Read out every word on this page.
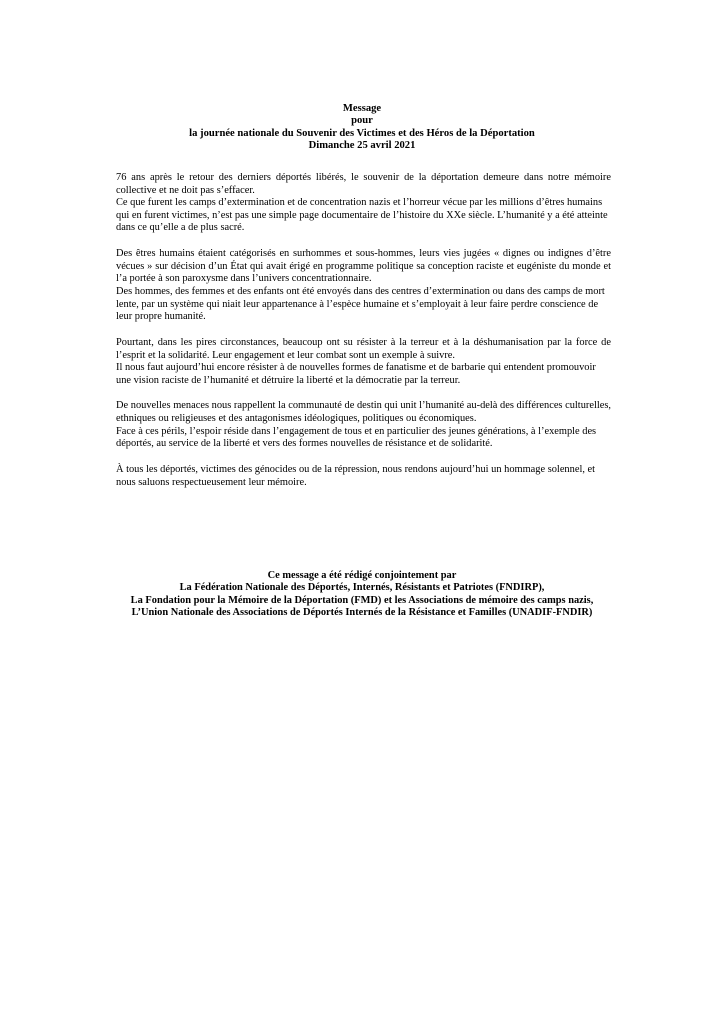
Message
pour
la journée nationale du Souvenir des Victimes et des Héros de la Déportation
Dimanche 25 avril 2021

76 ans après le retour des derniers déportés libérés, le souvenir de la déportation demeure dans notre mémoire collective et ne doit pas s’effacer.

Ce que furent les camps d’extermination et de concentration nazis et l’horreur vécue par les millions d’êtres humains qui en furent victimes, n’est pas une simple page documentaire de l’histoire du XXe siècle. L’humanité y a été atteinte dans ce qu’elle a de plus sacré.

Des êtres humains étaient catégorisés en surhommes et sous-hommes, leurs vies jugées « dignes ou indignes d’être vécues » sur décision d’un État qui avait érigé en programme politique sa conception raciste et eugéniste du monde et l’a portée à son paroxysme dans l’univers concentrationnaire.

Des hommes, des femmes et des enfants ont été envoyés dans des centres d’extermination ou dans des camps de mort lente, par un système qui niait leur appartenance à l’espèce humaine et s’employait à leur faire perdre conscience de leur propre humanité.

Pourtant, dans les pires circonstances, beaucoup ont su résister à la terreur et à la déshumanisation par la force de l’esprit et la solidarité. Leur engagement et leur combat sont un exemple à suivre.

Il nous faut aujourd’hui encore résister à de nouvelles formes de fanatisme et de barbarie qui entendent promouvoir une vision raciste de l’humanité et détruire la liberté et la démocratie par la terreur.

De nouvelles menaces nous rappellent la communauté de destin qui unit l’humanité au-delà des différences culturelles, ethniques ou religieuses et des antagonismes idéologiques, politiques ou économiques.

Face à ces périls, l’espoir réside dans l’engagement de tous et en particulier des jeunes générations, à l’exemple des déportés, au service de la liberté et vers des formes nouvelles de résistance et de solidarité.

À tous les déportés, victimes des génocides ou de la répression, nous rendons aujourd’hui un hommage solennel, et nous saluons respectueusement leur mémoire.

Ce message a été rédigé conjointement par
La Fédération Nationale des Déportés, Internés, Résistants et Patriotes (FNDIRP),
La Fondation pour la Mémoire de la Déportation (FMD) et les Associations de mémoire des camps nazis,
L’Union Nationale des Associations de Déportés Internés de la Résistance et Familles (UNADIF-FNDIR)
